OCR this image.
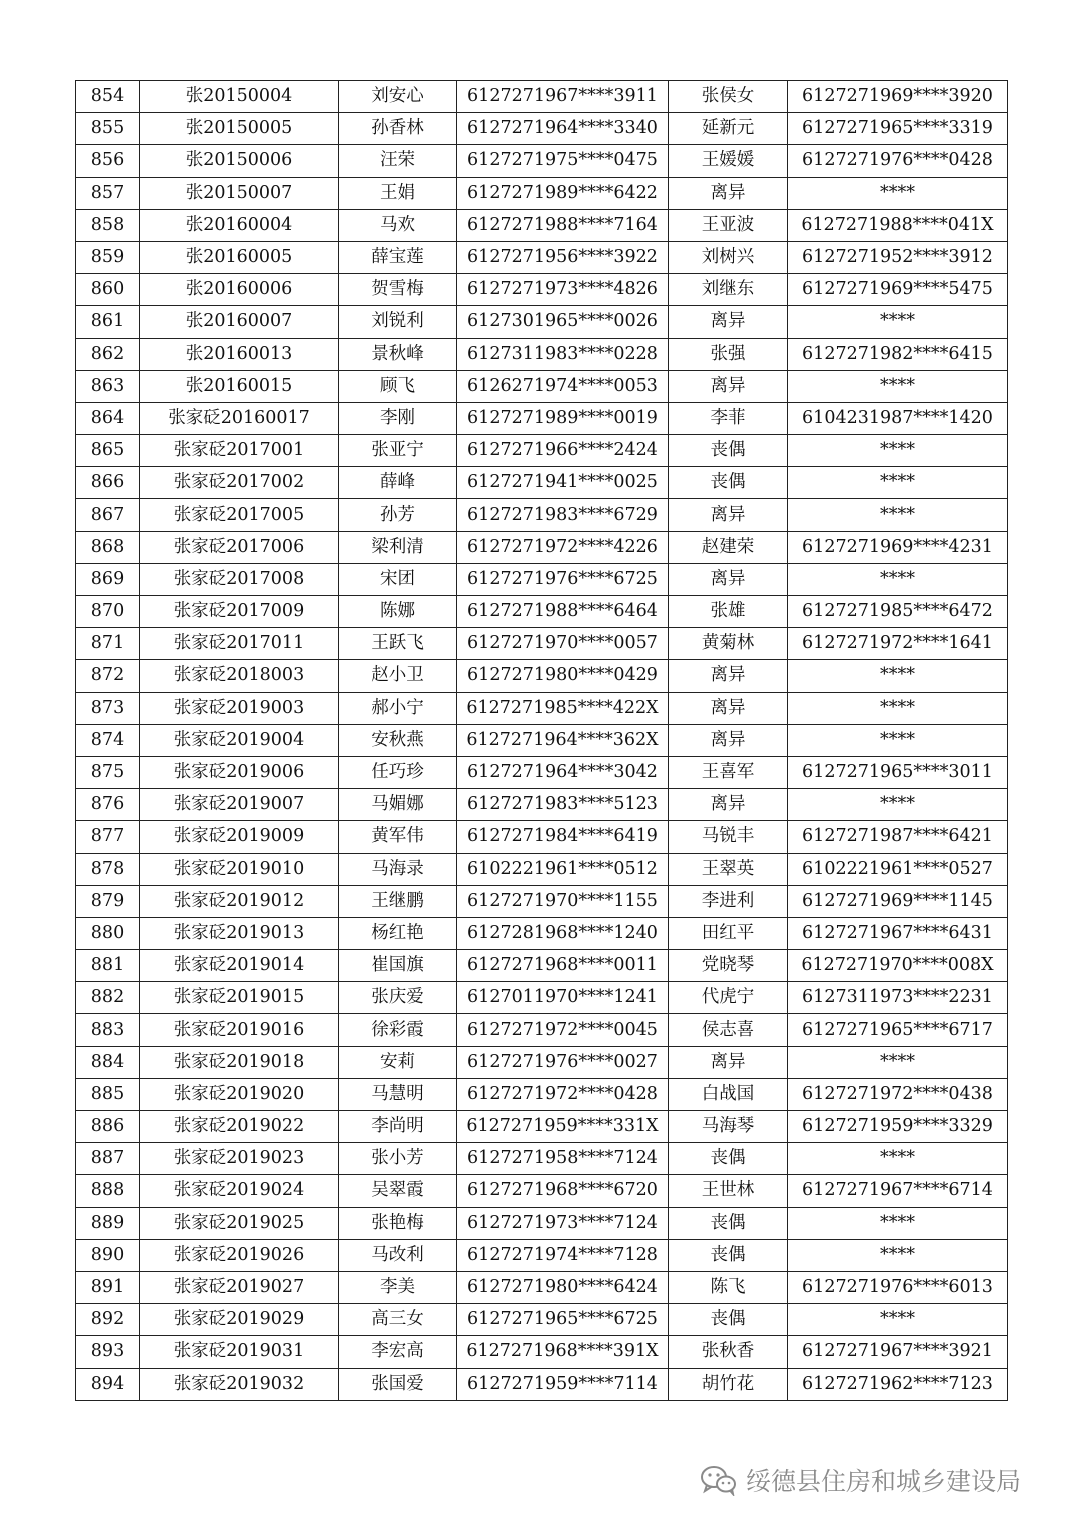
854	张20150004	刘安心	6127271967****3911	张侯女	6127271969****3920
855	张20150005	孙香林	6127271964****3340	延新元	6127271965****3319
856	张20150006	汪荣	6127271975****0475	王媛媛	6127271976****0428
857	张20150007	王娟	6127271989****6422	离异	****
858	张20160004	马欢	6127271988****7164	王亚波	6127271988****041X
859	张20160005	薛宝莲	6127271956****3922	刘树兴	6127271952****3912
860	张20160006	贺雪梅	6127271973****4826	刘继东	6127271969****5475
861	张20160007	刘锐利	6127301965****0026	离异	****
862	张20160013	景秋峰	6127311983****0228	张强	6127271982****6415
863	张20160015	顾飞	6126271974****0053	离异	****
864	张家砭20160017	李刚	6127271989****0019	李菲	6104231987****1420
865	张家砭2017001	张亚宁	6127271966****2424	丧偶	****
866	张家砭2017002	薛峰	6127271941****0025	丧偶	****
867	张家砭2017005	孙芳	6127271983****6729	离异	****
868	张家砭2017006	梁利清	6127271972****4226	赵建荣	6127271969****4231
869	张家砭2017008	宋团	6127271976****6725	离异	****
870	张家砭2017009	陈娜	6127271988****6464	张雄	6127271985****6472
871	张家砭2017011	王跃飞	6127271970****0057	黄菊林	6127271972****1641
872	张家砭2018003	赵小卫	6127271980****0429	离异	****
873	张家砭2019003	郝小宁	6127271985****422X	离异	****
874	张家砭2019004	安秋燕	6127271964****362X	离异	****
875	张家砭2019006	任巧珍	6127271964****3042	王喜军	6127271965****3011
876	张家砭2019007	马媚娜	6127271983****5123	离异	****
877	张家砭2019009	黄军伟	6127271984****6419	马锐丰	6127271987****6421
878	张家砭2019010	马海录	6102221961****0512	王翠英	6102221961****0527
879	张家砭2019012	王继鹏	6127271970****1155	李进利	6127271969****1145
880	张家砭2019013	杨红艳	6127281968****1240	田红平	6127271967****6431
881	张家砭2019014	崔国旗	6127271968****0011	党晓琴	6127271970****008X
882	张家砭2019015	张庆爱	6127011970****1241	代虎宁	6127311973****2231
883	张家砭2019016	徐彩霞	6127271972****0045	侯志喜	6127271965****6717
884	张家砭2019018	安莉	6127271976****0027	离异	****
885	张家砭2019020	马慧明	6127271972****0428	白战国	6127271972****0438
886	张家砭2019022	李尚明	6127271959****331X	马海琴	6127271959****3329
887	张家砭2019023	张小芳	6127271958****7124	丧偶	****
888	张家砭2019024	吴翠霞	6127271968****6720	王世林	6127271967****6714
889	张家砭2019025	张艳梅	6127271973****7124	丧偶	****
890	张家砭2019026	马改利	6127271974****7128	丧偶	****
891	张家砭2019027	李美	6127271980****6424	陈飞	6127271976****6013
892	张家砭2019029	高三女	6127271965****6725	丧偶	****
893	张家砭2019031	李宏高	6127271968****391X	张秋香	6127271967****3921
894	张家砭2019032	张国爱	6127271959****7114	胡竹花	6127271962****7123
绥德县住房和城乡建设局
